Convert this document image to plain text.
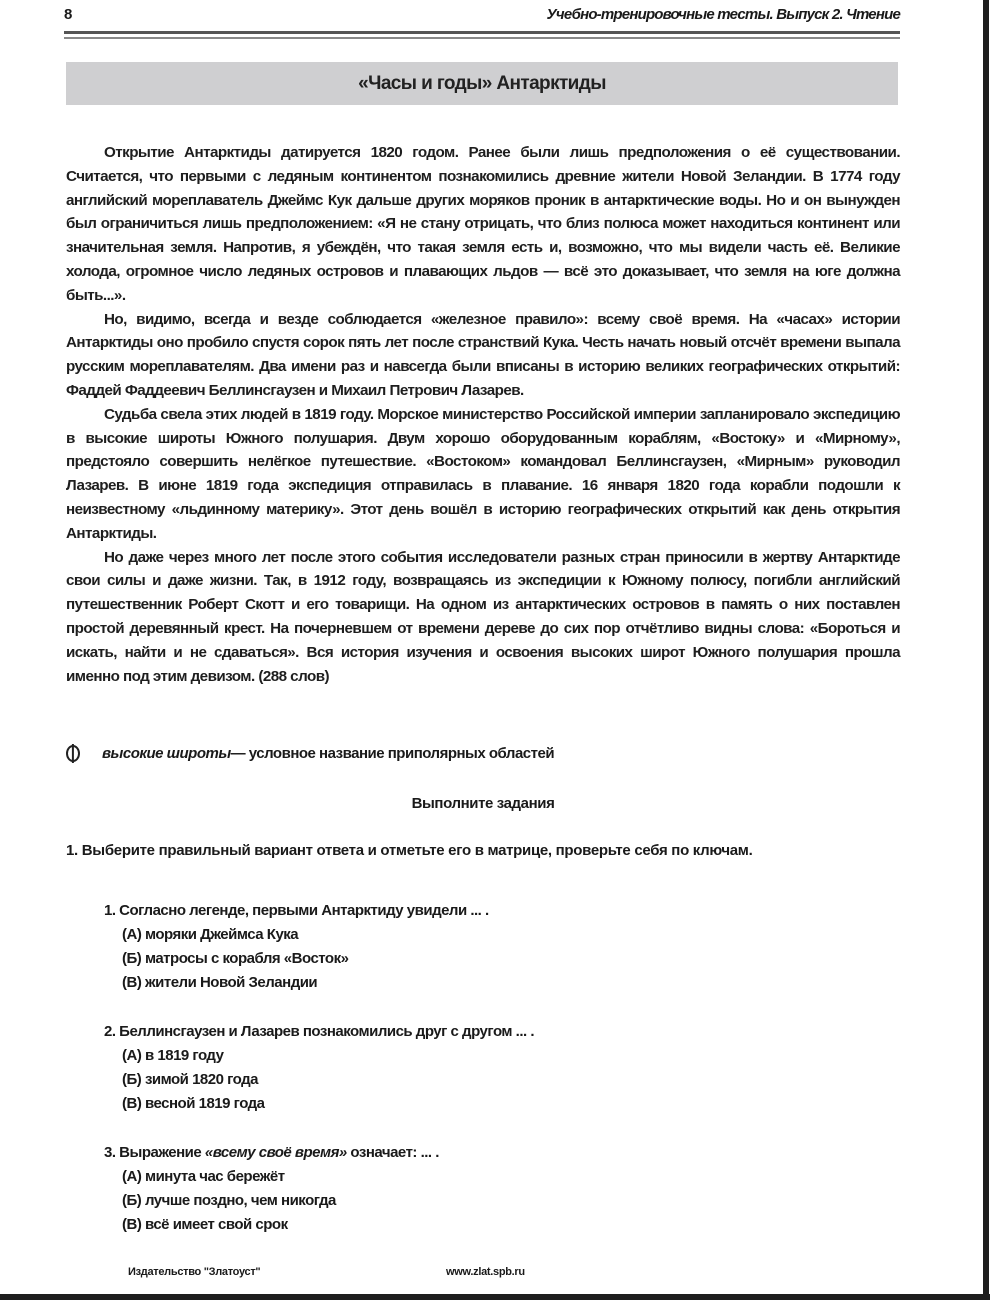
8	Учебно-тренировочные тесты. Выпуск 2. Чтение
«Часы и годы» Антарктиды

Открытие Антарктиды датируется 1820 годом. Ранее были лишь предположения о её существовании. Считается, что первыми с ледяным континентом познакомились древние жители Новой Зеландии. В 1774 году английский мореплаватель Джеймс Кук дальше других моряков проник в антарктические воды. Но и он вынужден был ограничиться лишь предположением: «Я не стану отрицать, что близ полюса может находиться континент или значительная земля. Напротив, я убеждён, что такая земля есть и, возможно, что мы видели часть её. Великие холода, огромное число ледяных островов и плавающих льдов — всё это доказывает, что земля на юге должна быть...».

Но, видимо, всегда и везде соблюдается «железное правило»: всему своё время. На «часах» истории Антарктиды оно пробило спустя сорок пять лет после странствий Кука. Честь начать новый отсчёт времени выпала русским мореплавателям. Два имени раз и навсегда были вписаны в историю великих географических открытий: Фаддей Фаддеевич Беллинсгаузен и Михаил Петрович Лазарев.

Судьба свела этих людей в 1819 году. Морское министерство Российской империи запланировало экспедицию в высокие широты Южного полушария. Двум хорошо оборудованным кораблям, «Востоку» и «Мирному», предстояло совершить нелёгкое путешествие. «Востоком» командовал Беллинсгаузен, «Мирным» руководил Лазарев. В июне 1819 года экспедиция отправилась в плавание. 16 января 1820 года корабли подошли к неизвестному «льдинному материку». Этот день вошёл в историю географических открытий как день открытия Антарктиды.

Но даже через много лет после этого события исследователи разных стран приносили в жертву Антарктиде свои силы и даже жизни. Так, в 1912 году, возвращаясь из экспедиции к Южному полюсу, погибли английский путешественник Роберт Скотт и его товарищи. На одном из антарктических островов в память о них поставлен простой деревянный крест. На почерневшем от времени дереве до сих пор отчётливо видны слова: «Бороться и искать, найти и не сдаваться». Вся история изучения и освоения высоких широт Южного полушария прошла именно под этим девизом. (288 слов)

высокие широты — условное название приполярных областей
Выполните задания
1. Выберите правильный вариант ответа и отметьте его в матрице, проверьте себя по ключам.
1. Согласно легенде, первыми Антарктиду увидели ... .
(А) моряки Джеймса Кука
(Б) матросы с корабля «Восток»
(В) жители Новой Зеландии
2. Беллинсгаузен и Лазарев познакомились друг с другом ... .
(А) в 1819 году
(Б) зимой 1820 года
(В) весной 1819 года
3. Выражение «всему своё время» означает: ... .
(А) минута час бережёт
(Б) лучше поздно, чем никогда
(В) всё имеет свой срок
Издательство "Златоуст"	www.zlat.spb.ru
